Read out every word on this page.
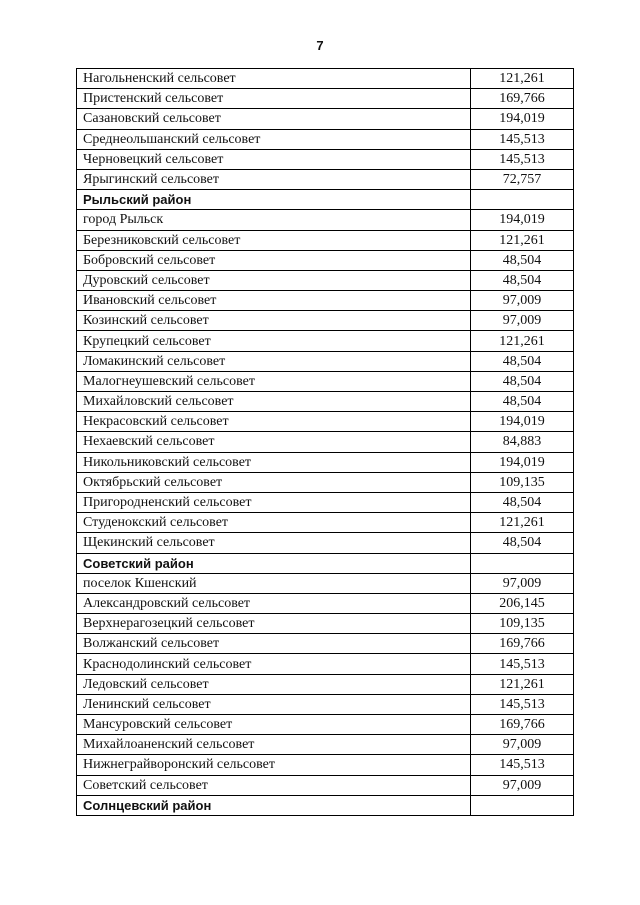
7
Нагольненский сельсовет	121,261
Пристенский сельсовет	169,766
Сазановский сельсовет	194,019
Среднеольшанский сельсовет	145,513
Черновецкий сельсовет	145,513
Ярыгинский сельсовет	72,757
Рыльский район	
город Рыльск	194,019
Березниковский сельсовет	121,261
Бобровский сельсовет	48,504
Дуровский сельсовет	48,504
Ивановский сельсовет	97,009
Козинский сельсовет	97,009
Крупецкий сельсовет	121,261
Ломакинский сельсовет	48,504
Малогнеушевский сельсовет	48,504
Михайловский сельсовет	48,504
Некрасовский сельсовет	194,019
Нехаевский сельсовет	84,883
Никольниковский сельсовет	194,019
Октябрьский сельсовет	109,135
Пригородненский сельсовет	48,504
Студенокский сельсовет	121,261
Щекинский сельсовет	48,504
Советский район	
поселок Кшенский	97,009
Александровский сельсовет	206,145
Верхнерагозецкий сельсовет	109,135
Волжанский сельсовет	169,766
Краснодолинский сельсовет	145,513
Ледовский сельсовет	121,261
Ленинский сельсовет	145,513
Мансуровский сельсовет	169,766
Михайлоаненский сельсовет	97,009
Нижнеграйворонский сельсовет	145,513
Советский сельсовет	97,009
Солнцевский район	
